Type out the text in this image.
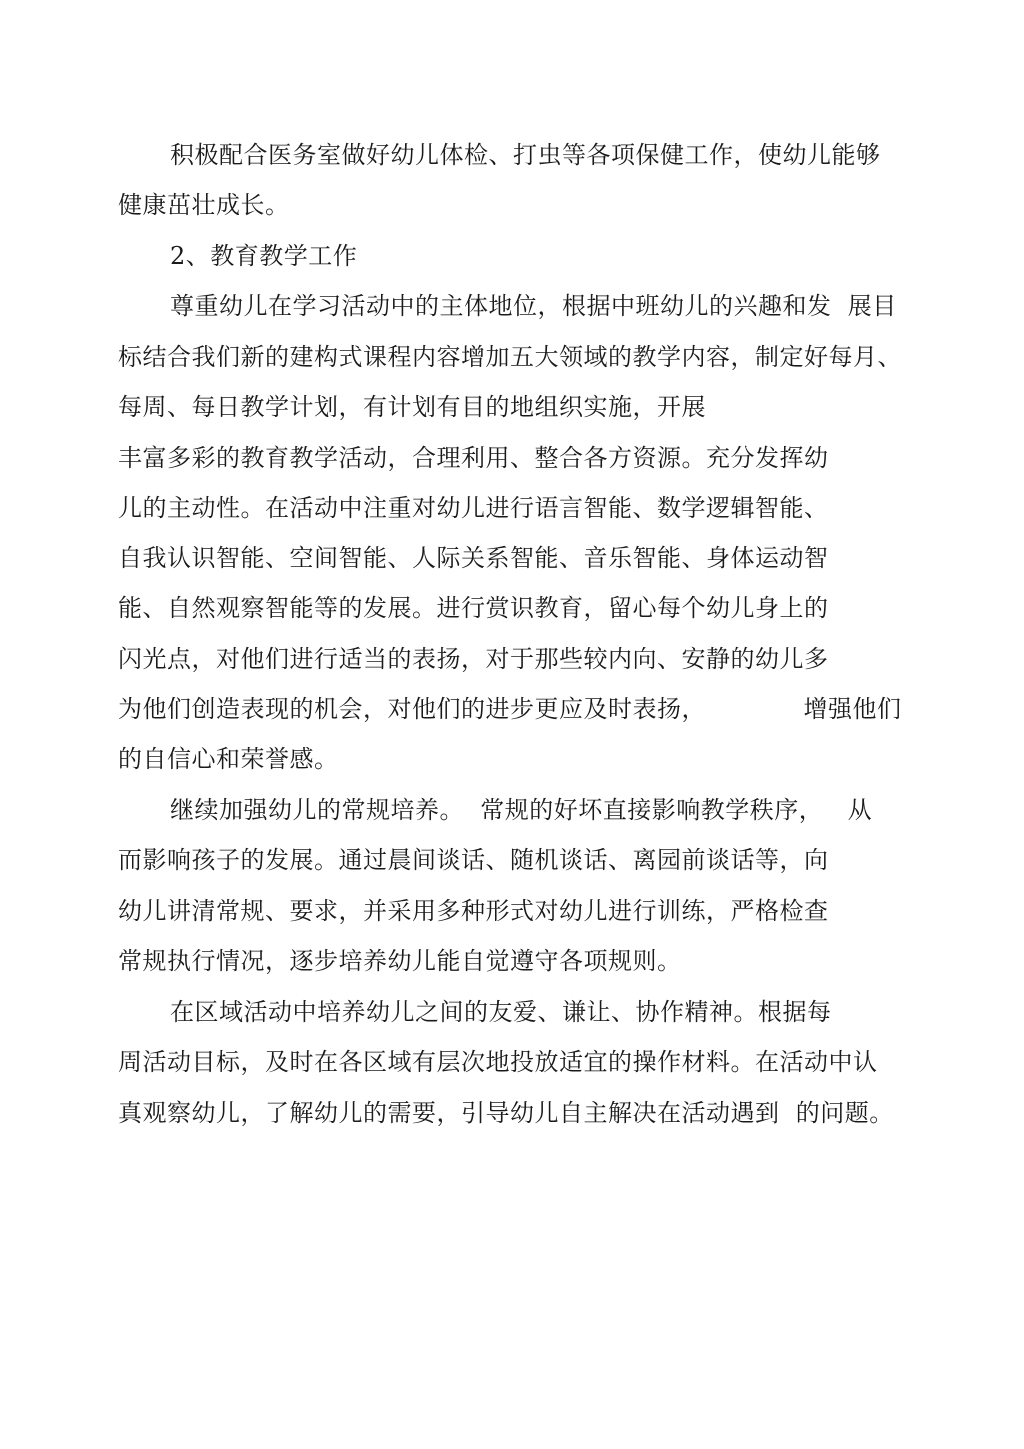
积极配合医务室做好幼儿体检、打虫等各项保健工作，使幼儿能够
健康茁壮成长。
2、教育教学工作
尊重幼儿在学习活动中的主体地位，根据中班幼儿的兴趣和发  展目
标结合我们新的建构式课程内容增加五大领域的教学内容，制定好每月、
每周、每日教学计划，有计划有目的地组织实施，开展
丰富多彩的教育教学活动，合理利用、整合各方资源。充分发挥幼
儿的主动性。在活动中注重对幼儿进行语言智能、数学逻辑智能、
自我认识智能、空间智能、人际关系智能、音乐智能、身体运动智
能、自然观察智能等的发展。进行赏识教育，留心每个幼儿身上的
闪光点，对他们进行适当的表扬，对于那些较内向、安静的幼儿多
为他们创造表现的机会，对他们的进步更应及时表扬，            增强他们
的自信心和荣誉感。
继续加强幼儿的常规培养。  常规的好坏直接影响教学秩序，   从
而影响孩子的发展。通过晨间谈话、随机谈话、离园前谈话等，向
幼儿讲清常规、要求，并采用多种形式对幼儿进行训练，严格检查
常规执行情况，逐步培养幼儿能自觉遵守各项规则。
在区域活动中培养幼儿之间的友爱、谦让、协作精神。根据每
周活动目标，及时在各区域有层次地投放适宜的操作材料。在活动中认
真观察幼儿，了解幼儿的需要，引导幼儿自主解决在活动遇到  的问题。
